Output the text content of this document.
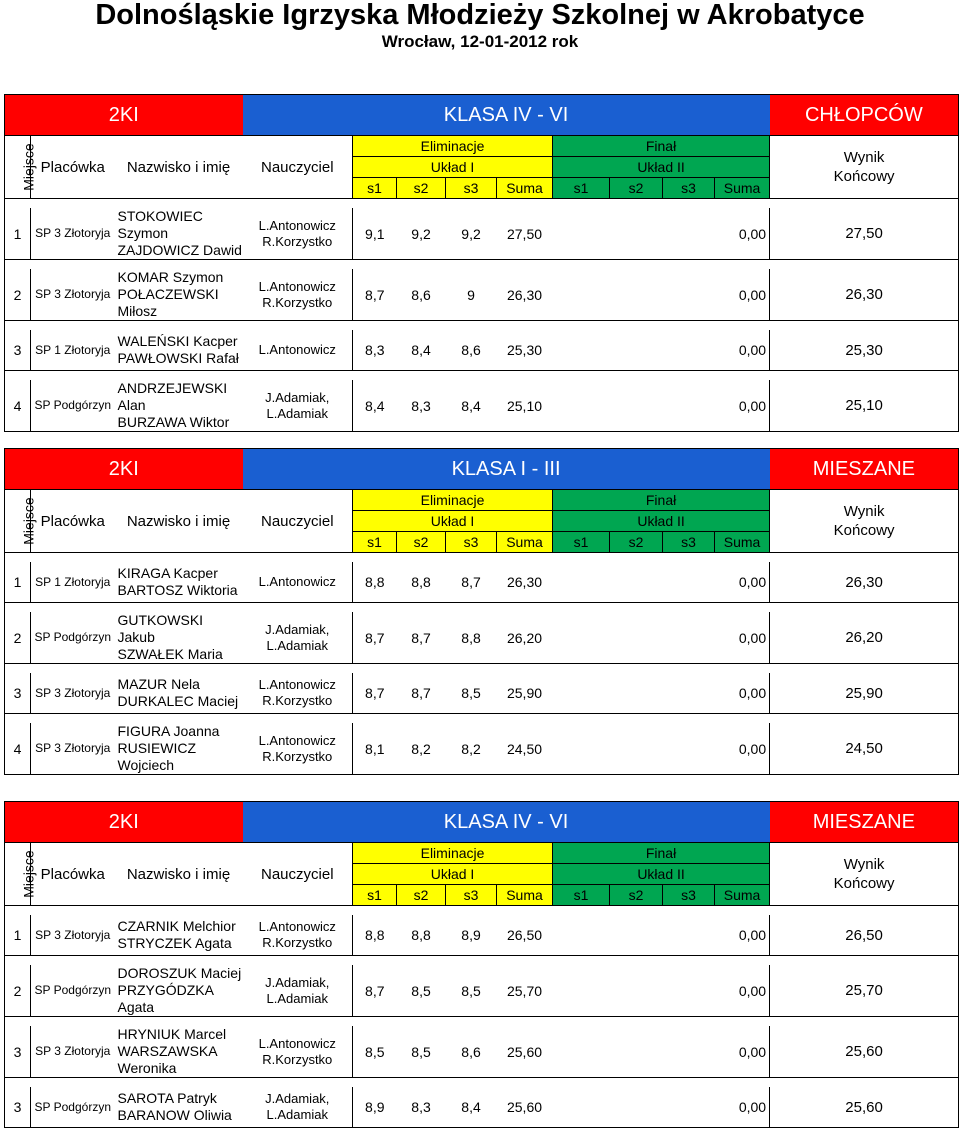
Dolnośląskie Igrzyska Młodzieży Szkolnej w Akrobatyce
Wrocław, 12-01-2012 rok
2KI			KLASA IV - VI									CHŁOPCÓW
Miejsce	Placówka	Nazwisko i imię	Nauczyciel	Eliminacje				Finał				Wynik
Końcowy

				Układ I				Układ II				
				s1	s2	s3	Suma	s1	s2	s3	Suma	

1	SP 3 Złotoryja	STOKOWIEC Szymon
ZAJDOWICZ Dawid	L.Antonowicz R.Korzystko	9,1	9,2	9,2	27,50				0,00	27,50

2	SP 3 Złotoryja	KOMAR Szymon
POŁACZEWSKI Miłosz	L.Antonowicz R.Korzystko	8,7	8,6	9	26,30				0,00	26,30

3	SP 1 Złotoryja	WALEŃSKI Kacper
PAWŁOWSKI Rafał	L.Antonowicz	8,3	8,4	8,6	25,30				0,00	25,30

4	SP Podgórzyn	ANDRZEJEWSKI Alan
BURZAWA Wiktor	J.Adamiak, L.Adamiak	8,4	8,3	8,4	25,10				0,00	25,10
2KI			KLASA I - III									MIESZANE
Miejsce	Placówka	Nazwisko i imię	Nauczyciel	Eliminacje				Finał				Wynik
Końcowy

				Układ I				Układ II				
				s1	s2	s3	Suma	s1	s2	s3	Suma	

1	SP 1 Złotoryja	KIRAGA Kacper
BARTOSZ Wiktoria	L.Antonowicz	8,8	8,8	8,7	26,30				0,00	26,30

2	SP Podgórzyn	GUTKOWSKI Jakub
SZWAŁEK Maria	J.Adamiak, L.Adamiak	8,7	8,7	8,8	26,20				0,00	26,20

3	SP 3 Złotoryja	MAZUR Nela
DURKALEC Maciej	L.Antonowicz R.Korzystko	8,7	8,7	8,5	25,90				0,00	25,90

4	SP 3 Złotoryja	FIGURA Joanna
RUSIEWICZ Wojciech	L.Antonowicz R.Korzystko	8,1	8,2	8,2	24,50				0,00	24,50
2KI			KLASA IV - VI									MIESZANE
Miejsce	Placówka	Nazwisko i imię	Nauczyciel	Eliminacje				Finał				Wynik
Końcowy

				Układ I				Układ II				
				s1	s2	s3	Suma	s1	s2	s3	Suma	

1	SP 3 Złotoryja	CZARNIK Melchior
STRYCZEK Agata	L.Antonowicz R.Korzystko	8,8	8,8	8,9	26,50				0,00	26,50

2	SP Podgórzyn	DOROSZUK Maciej
PRZYGÓDZKA Agata	J.Adamiak, L.Adamiak	8,7	8,5	8,5	25,70				0,00	25,70

3	SP 3 Złotoryja	HRYNIUK Marcel
WARSZAWSKA Weronika	L.Antonowicz R.Korzystko	8,5	8,5	8,6	25,60				0,00	25,60

3	SP Podgórzyn	SAROTA Patryk
BARANOW Oliwia	J.Adamiak, L.Adamiak	8,9	8,3	8,4	25,60				0,00	25,60
